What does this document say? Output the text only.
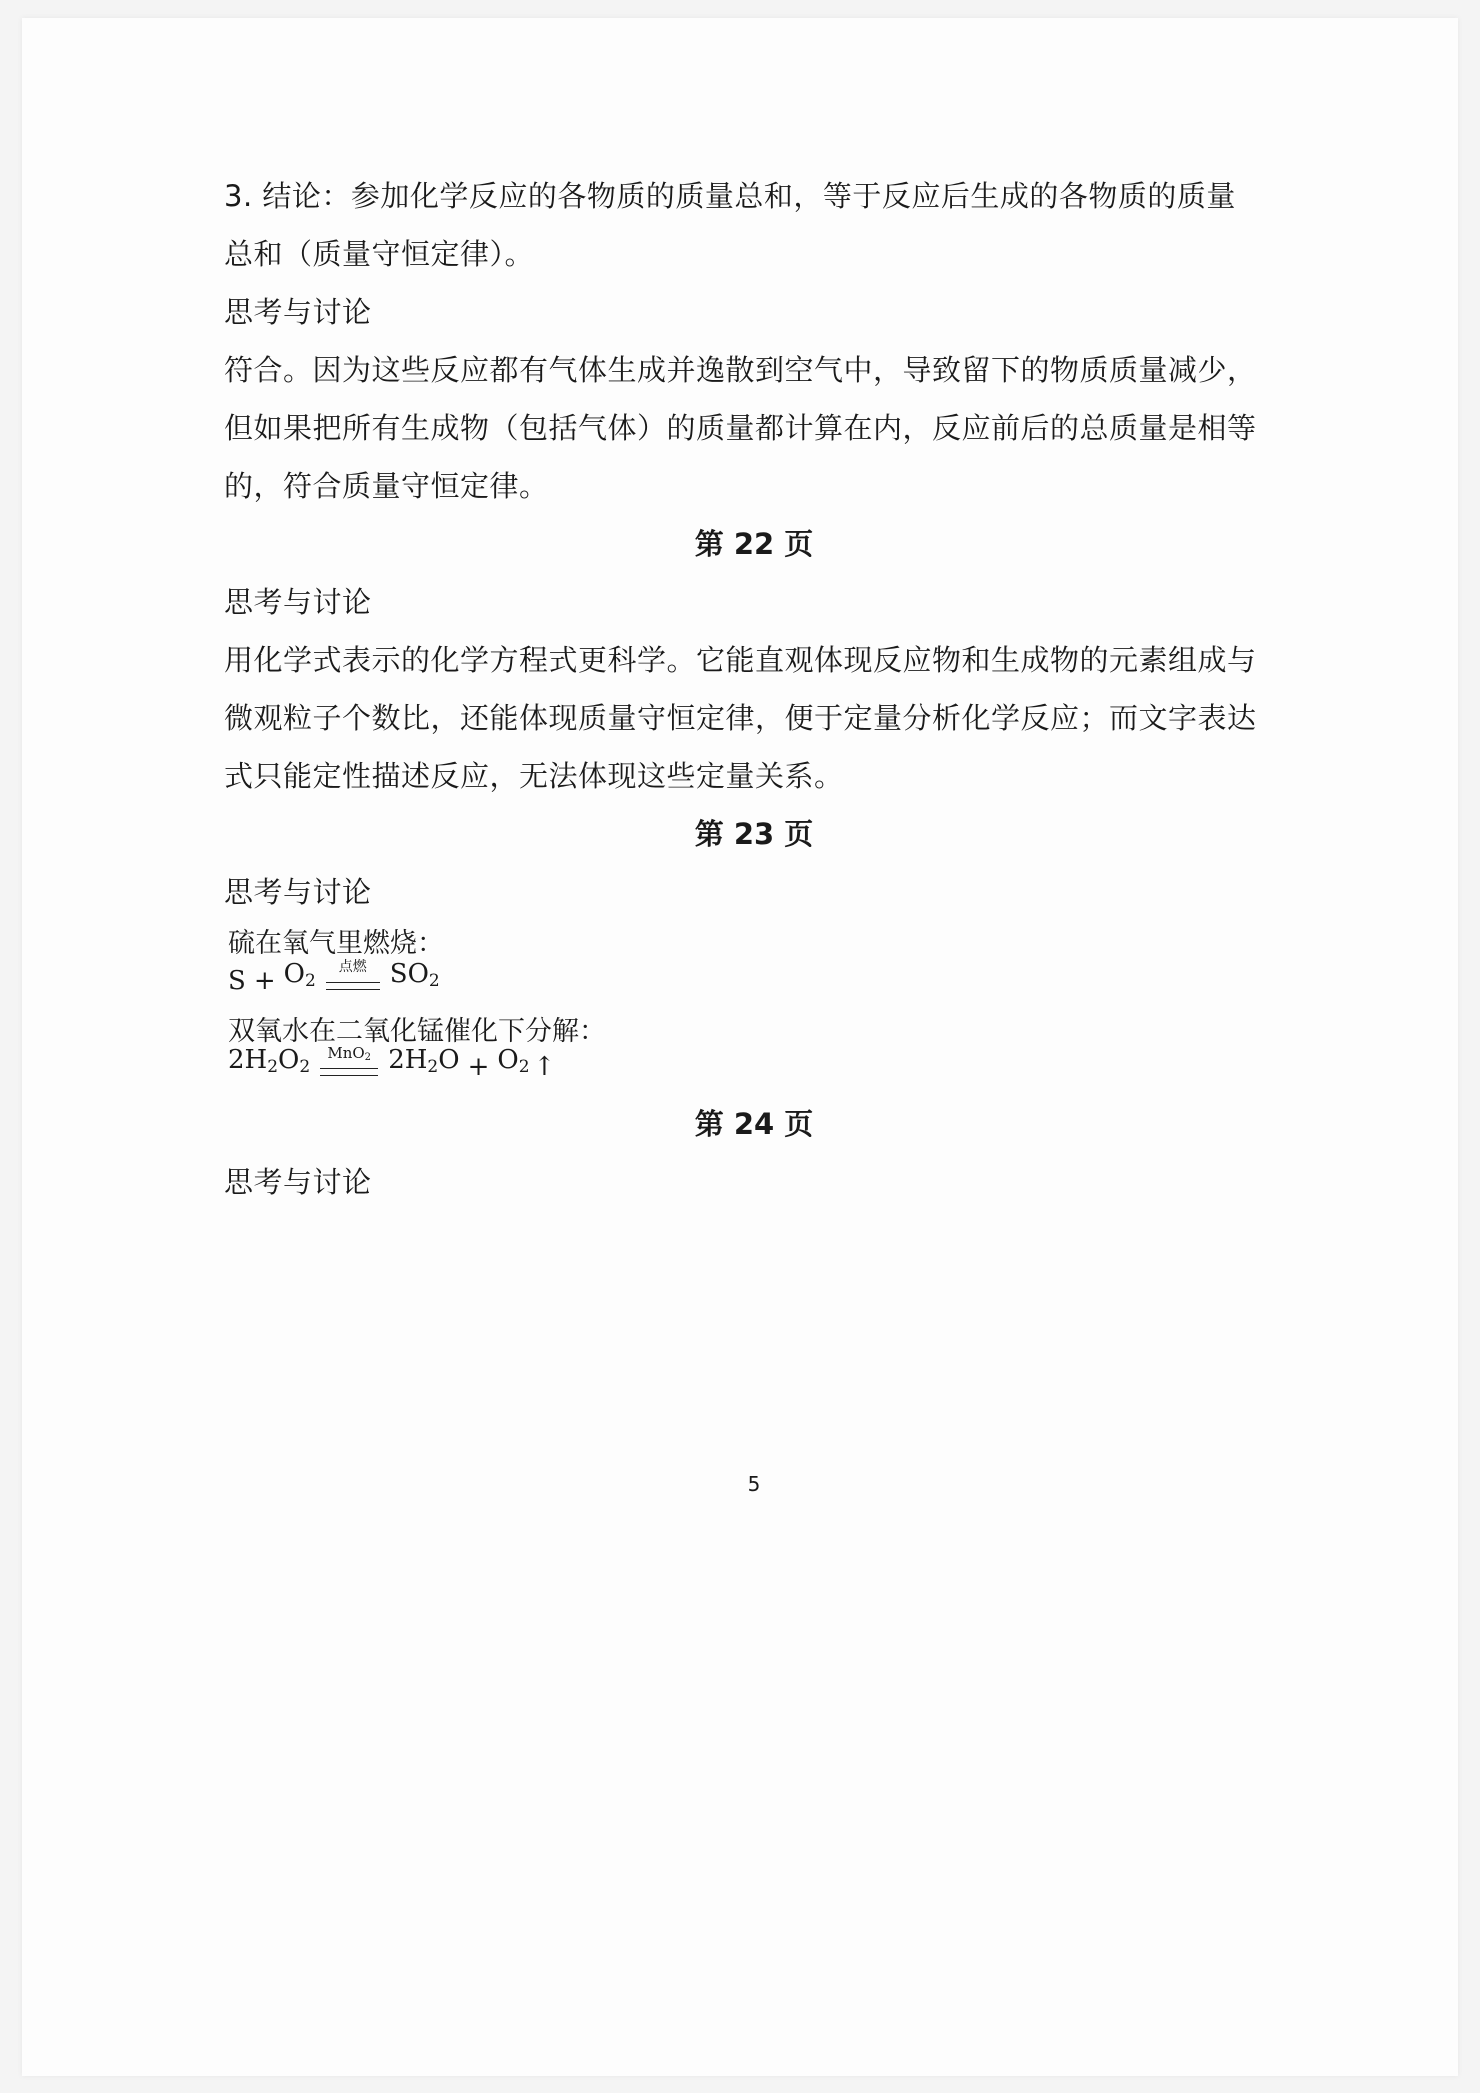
3. 结论：参加化学反应的各物质的质量总和，等于反应后生成的各物质的质量
总和（质量守恒定律）。
思考与讨论
符合。因为这些反应都有气体生成并逸散到空气中，导致留下的物质质量减少，
但如果把所有生成物（包括气体）的质量都计算在内，反应前后的总质量是相等
的，符合质量守恒定律。
第 22 页
思考与讨论
用化学式表示的化学方程式更科学。它能直观体现反应物和生成物的元素组成与
微观粒子个数比，还能体现质量守恒定律，便于定量分析化学反应；而文字表达
式只能定性描述反应，无法体现这些定量关系。
第 23 页
思考与讨论
硫在氧气里燃烧：
$S + O_2$
点燃 $SO_2$
双氧水在二氧化锰催化下分解：
$2H_2O_2$
MnO$_2$ $2H_2O + O_2$ ↑
第 24 页
思考与讨论
5
